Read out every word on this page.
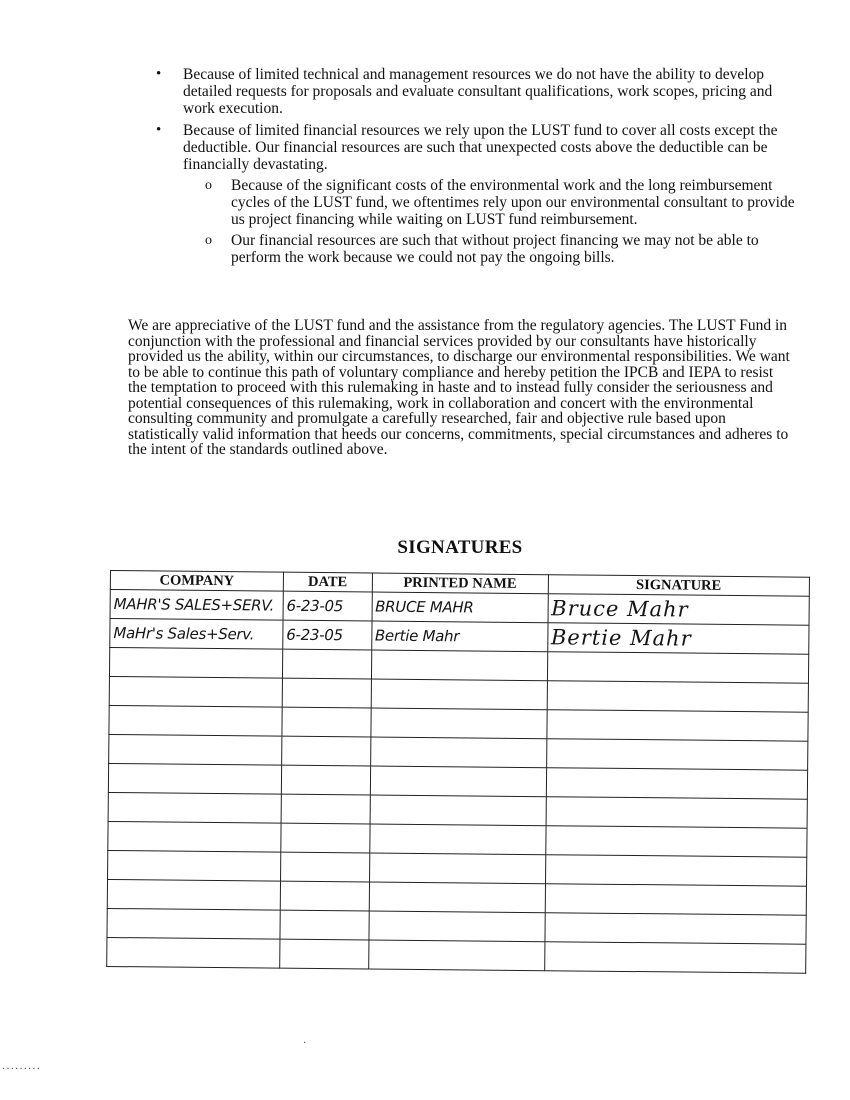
• Because of limited technical and management resources we do not have the ability to develop detailed requests for proposals and evaluate consultant qualifications, work scopes, pricing and work execution.
• Because of limited financial resources we rely upon the LUST fund to cover all costs except the deductible. Our financial resources are such that unexpected costs above the deductible can be financially devastating.
o Because of the significant costs of the environmental work and the long reimbursement cycles of the LUST fund, we oftentimes rely upon our environmental consultant to provide us project financing while waiting on LUST fund reimbursement.
o Our financial resources are such that without project financing we may not be able to perform the work because we could not pay the ongoing bills.

We are appreciative of the LUST fund and the assistance from the regulatory agencies. The LUST Fund in conjunction with the professional and financial services provided by our consultants have historically provided us the ability, within our circumstances, to discharge our environmental responsibilities. We want to be able to continue this path of voluntary compliance and hereby petition the IPCB and IEPA to resist the temptation to proceed with this rulemaking in haste and to instead fully consider the seriousness and potential consequences of this rulemaking, work in collaboration and concert with the environmental consulting community and promulgate a carefully researched, fair and objective rule based upon statistically valid information that heeds our concerns, commitments, special circumstances and adheres to the intent of the standards outlined above.

SIGNATURES
COMPANY	DATE	PRINTED NAME	SIGNATURE
MAHR'S SALES+SERV.	6-23-05	BRUCE MAHR	Bruce Mahr
MaHr's Sales+Serv.	6-23-05	Bertie Mahr	Bertie Mahr

·
·········
